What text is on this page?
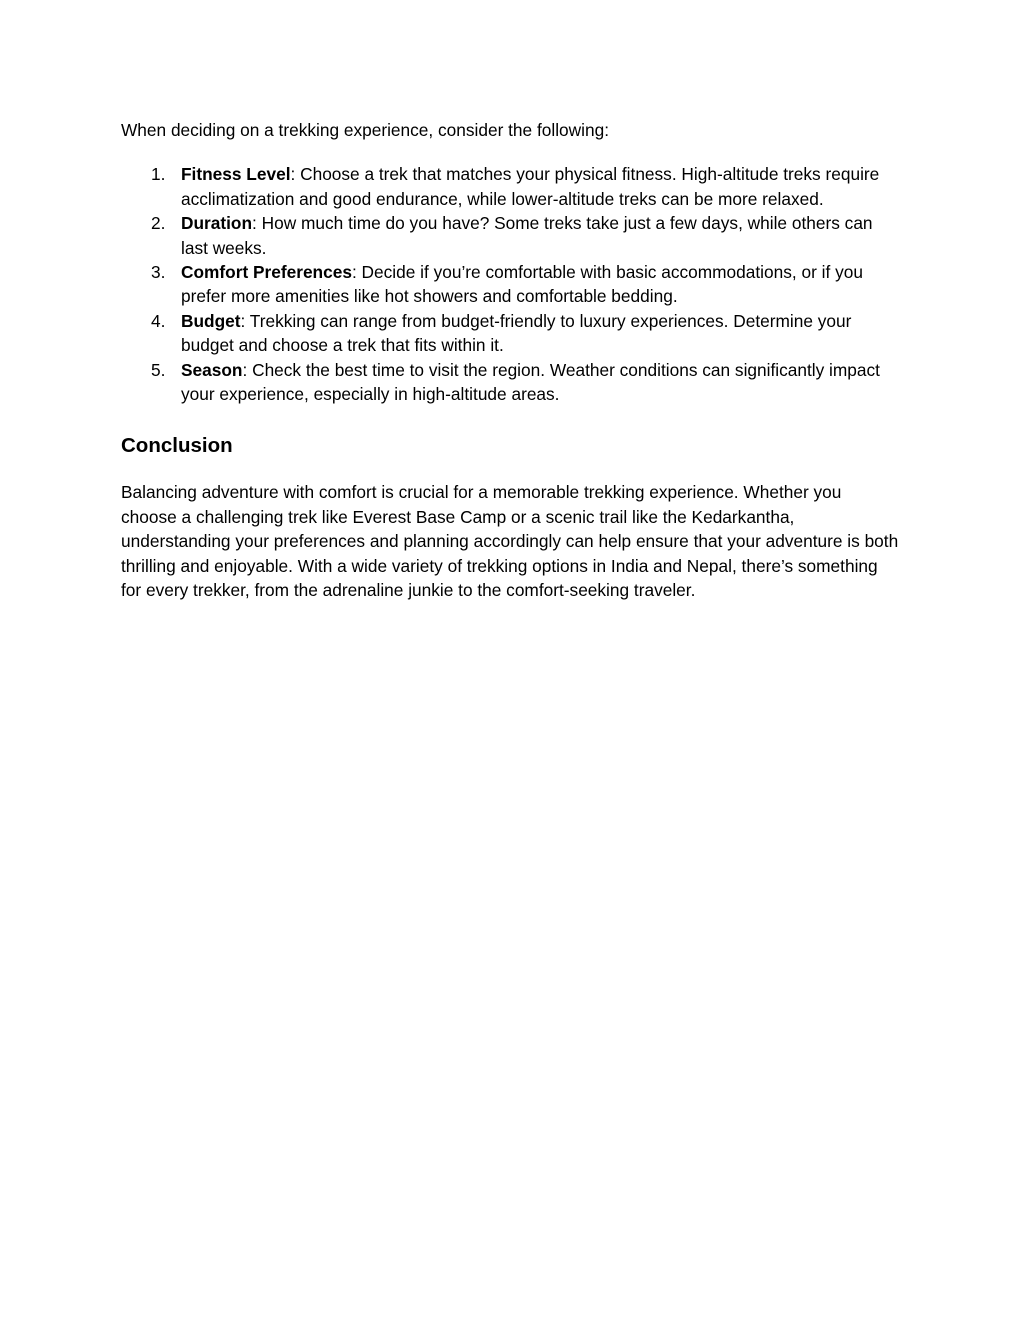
When deciding on a trekking experience, consider the following:

1. Fitness Level: Choose a trek that matches your physical fitness. High-altitude treks require acclimatization and good endurance, while lower-altitude treks can be more relaxed.
2. Duration: How much time do you have? Some treks take just a few days, while others can last weeks.
3. Comfort Preferences: Decide if you’re comfortable with basic accommodations, or if you prefer more amenities like hot showers and comfortable bedding.
4. Budget: Trekking can range from budget-friendly to luxury experiences. Determine your budget and choose a trek that fits within it.
5. Season: Check the best time to visit the region. Weather conditions can significantly impact your experience, especially in high-altitude areas.
Conclusion

Balancing adventure with comfort is crucial for a memorable trekking experience. Whether you choose a challenging trek like Everest Base Camp or a scenic trail like the Kedarkantha, understanding your preferences and planning accordingly can help ensure that your adventure is both thrilling and enjoyable. With a wide variety of trekking options in India and Nepal, there’s something for every trekker, from the adrenaline junkie to the comfort-seeking traveler.
